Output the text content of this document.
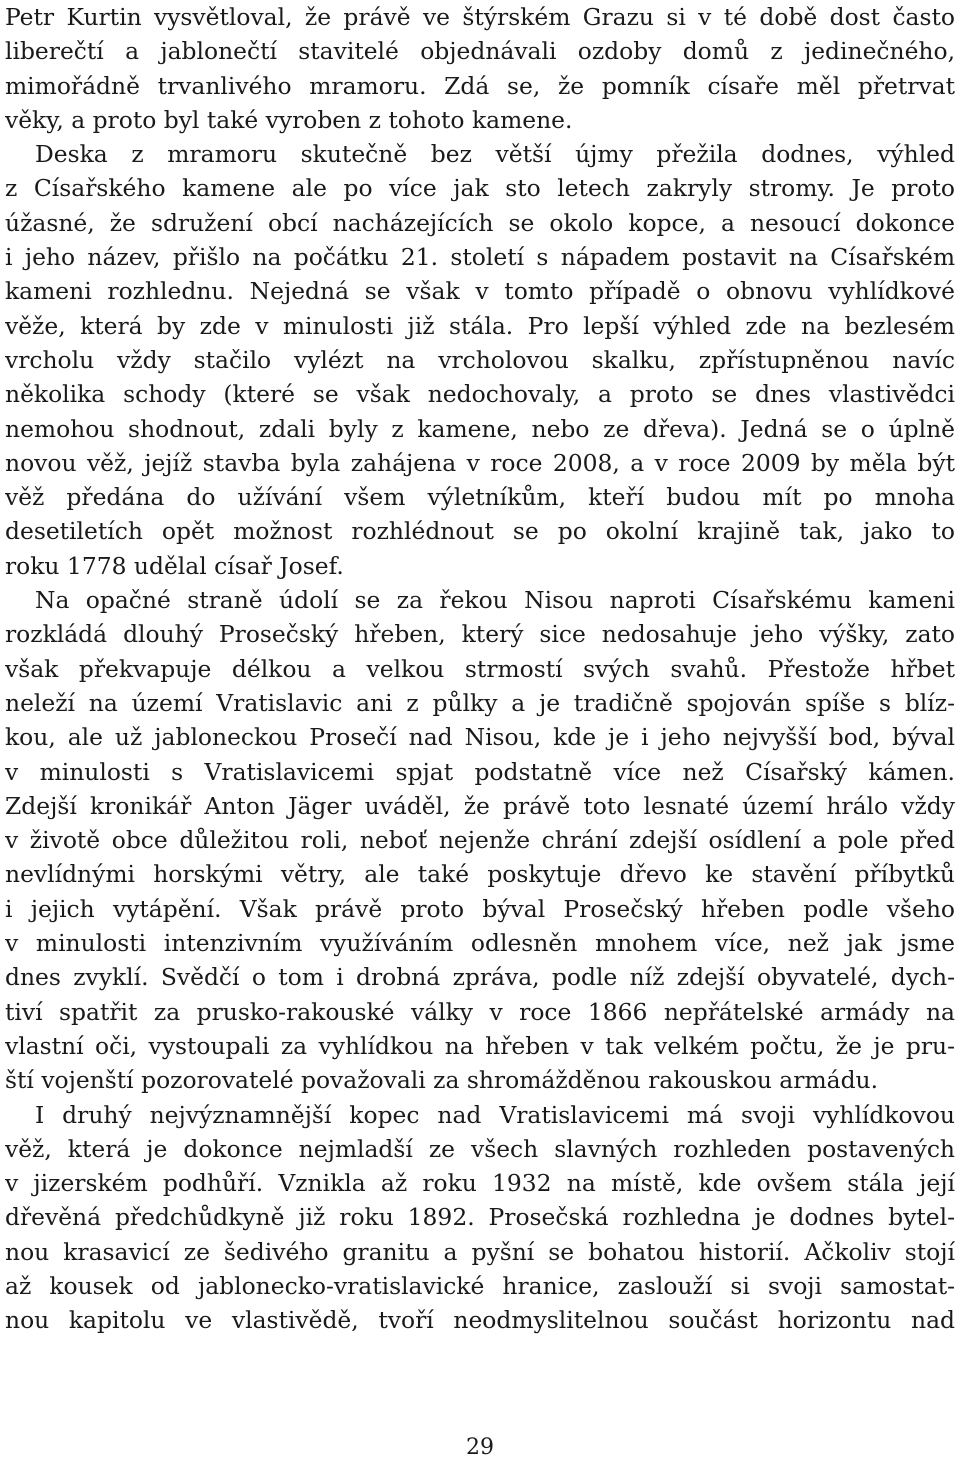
Petr Kurtin vysvětloval, že právě ve štýrském Grazu si v té době dost často
liberečtí a jablonečtí stavitelé objednávali ozdoby domů z jedinečného,
mimořádně trvanlivého mramoru. Zdá se, že pomník císaře měl přetrvat
věky, a proto byl také vyroben z tohoto kamene.
Deska z mramoru skutečně bez větší újmy přežila dodnes, výhled
z Císařského kamene ale po více jak sto letech zakryly stromy. Je proto
úžasné, že sdružení obcí nacházejících se okolo kopce, a nesoucí dokonce
i jeho název, přišlo na počátku 21. století s nápadem postavit na Císařském
kameni rozhlednu. Nejedná se však v tomto případě o obnovu vyhlídkové
věže, která by zde v minulosti již stála. Pro lepší výhled zde na bezlesém
vrcholu vždy stačilo vylézt na vrcholovou skalku, zpřístupněnou navíc
několika schody (které se však nedochovaly, a proto se dnes vlastivědci
nemohou shodnout, zdali byly z kamene, nebo ze dřeva). Jedná se o úplně
novou věž, jejíž stavba byla zahájena v roce 2008, a v roce 2009 by měla být
věž předána do užívání všem výletníkům, kteří budou mít po mnoha
desetiletích opět možnost rozhlédnout se po okolní krajině tak, jako to
roku 1778 udělal císař Josef.
Na opačné straně údolí se za řekou Nisou naproti Císařskému kameni
rozkládá dlouhý Prosečský hřeben, který sice nedosahuje jeho výšky, zato
však překvapuje délkou a velkou strmostí svých svahů. Přestože hřbet
neleží na území Vratislavic ani z půlky a je tradičně spojován spíše s blíz-
kou, ale už jabloneckou Prosečí nad Nisou, kde je i jeho nejvyšší bod, býval
v minulosti s Vratislavicemi spjat podstatně více než Císařský kámen.
Zdejší kronikář Anton Jäger uváděl, že právě toto lesnaté území hrálo vždy
v životě obce důležitou roli, neboť nejenže chrání zdejší osídlení a pole před
nevlídnými horskými větry, ale také poskytuje dřevo ke stavění příbytků
i jejich vytápění. Však právě proto býval Prosečský hřeben podle všeho
v minulosti intenzivním využíváním odlesněn mnohem více, než jak jsme
dnes zvyklí. Svědčí o tom i drobná zpráva, podle níž zdejší obyvatelé, dych-
tiví spatřit za prusko-rakouské války v roce 1866 nepřátelské armády na
vlastní oči, vystoupali za vyhlídkou na hřeben v tak velkém počtu, že je pru-
ští vojenští pozorovatelé považovali za shromážděnou rakouskou armádu.
I druhý nejvýznamnější kopec nad Vratislavicemi má svoji vyhlídkovou
věž, která je dokonce nejmladší ze všech slavných rozhleden postavených
v jizerském podhůří. Vznikla až roku 1932 na místě, kde ovšem stála její
dřevěná předchůdkyně již roku 1892. Prosečská rozhledna je dodnes bytel-
nou krasavicí ze šedivého granitu a pyšní se bohatou historií. Ačkoliv stojí
až kousek od jablonecko-vratislavické hranice, zaslouží si svoji samostat-
nou kapitolu ve vlastivědě, tvoří neodmyslitelnou součást horizontu nad
29
